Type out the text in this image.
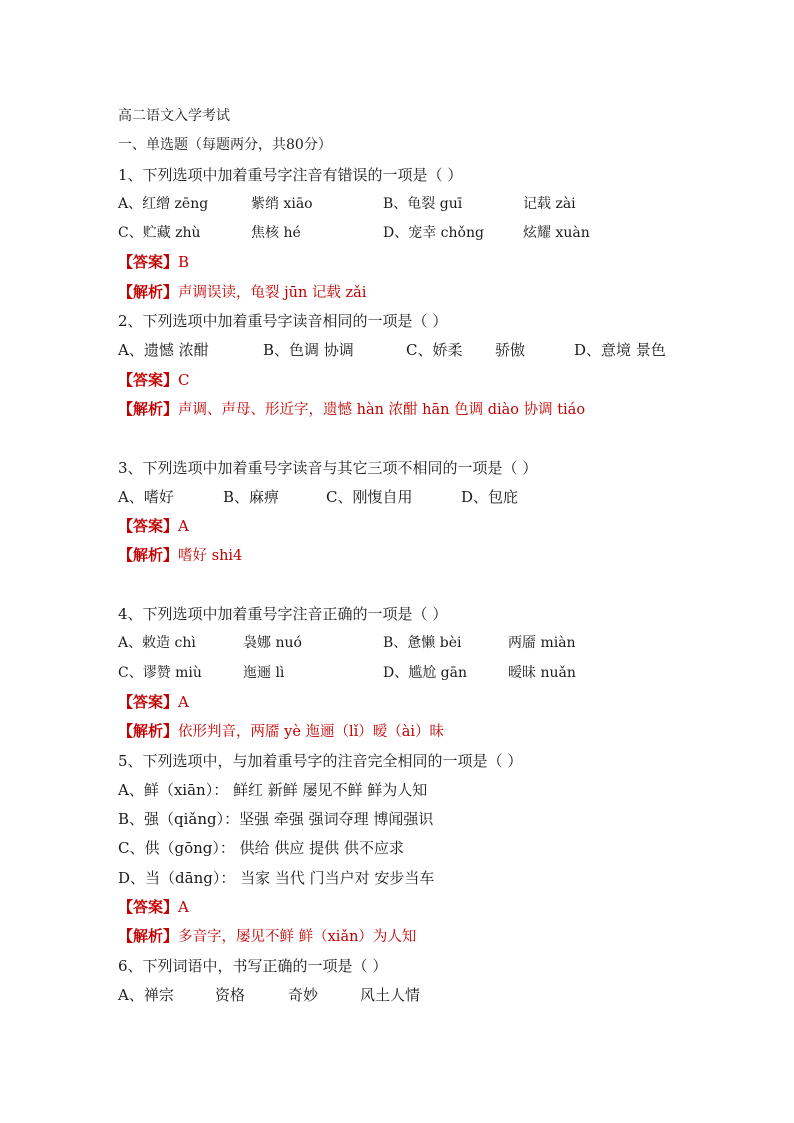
高二语文入学考试
一、单选题（每题两分，共80分）
1、下列选项中加着重号字注音有错误的一项是（ ）
A、红缯 zēng	紫绡 xiāo	B、龟裂 guī	记载 zài
C、贮藏 zhù	焦核 hé	D、宠幸 chǒng	炫耀 xuàn
【答案】B
【解析】声调误读，龟裂 jūn 记载 zǎi
2、下列选项中加着重号字读音相同的一项是（ ）
A、遗憾 浓酣	B、色调 协调	C、娇柔 骄傲	D、意境 景色
【答案】C
【解析】声调、声母、形近字，遗憾 hàn 浓酣 hān 色调 diào 协调 tiáo
3、下列选项中加着重号字读音与其它三项不相同的一项是（ ）
A、嗜好	B、麻痹	C、刚愎自用	D、包庇
【答案】A
【解析】嗜好 shi4
4、下列选项中加着重号字注音正确的一项是（ ）
A、敕造 chì	袅娜 nuó	B、惫懒 bèi	两靥 miàn
C、谬赞 miù	迤逦 lì	D、尴尬 gān	暧昧 nuǎn
【答案】A
【解析】依形判音，两靥 yè 迤逦（lǐ）暧（ài）昧
5、下列选项中，与加着重号字的注音完全相同的一项是（ ）
A、鲜（xiān）： 鲜红 新鲜 屡见不鲜 鲜为人知
B、强（qiǎng）：坚强 牵强 强词夺理 博闻强识
C、供（gōng）： 供给 供应 提供 供不应求
D、当（dāng）： 当家 当代 门当户对 安步当车
【答案】A
【解析】多音字，屡见不鲜 鲜（xiǎn）为人知
6、下列词语中，书写正确的一项是（ ）
A、禅宗	资格	奇妙	风土人情
